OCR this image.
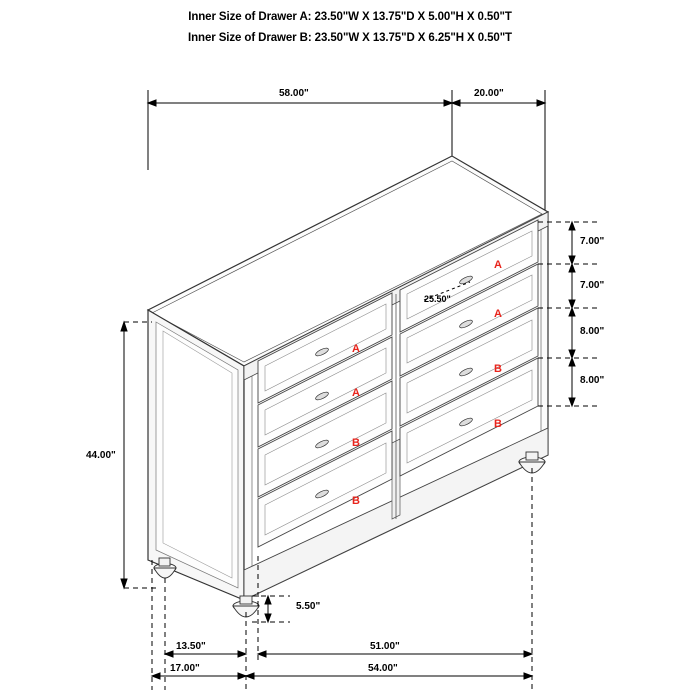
Inner Size of Drawer A: 23.50"W X 13.75"D X 5.00"H X 0.50"T
Inner Size of Drawer B: 23.50"W X 13.75"D X 6.25"H X 0.50"T
58.00"	20.00"
7.00"
7.00"
8.00"
8.00"
44.00"
5.50"
13.50"
17.00"
51.00"
54.00"
25.50"
A
A
B
B
A
A
B
B
